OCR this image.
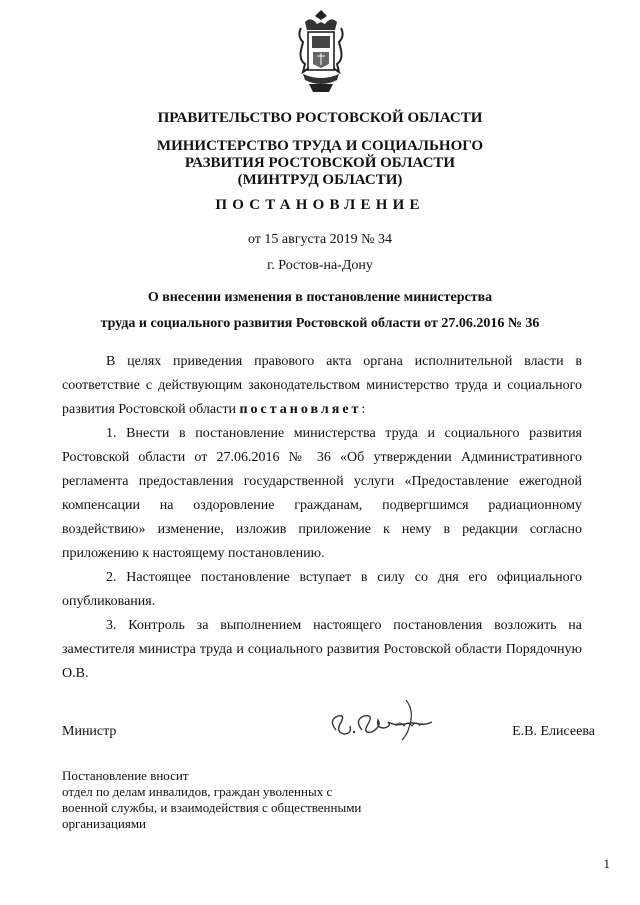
ПРАВИТЕЛЬСТВО РОСТОВСКОЙ ОБЛАСТИ
МИНИСТЕРСТВО ТРУДА И СОЦИАЛЬНОГО
РАЗВИТИЯ РОСТОВСКОЙ ОБЛАСТИ
(МИНТРУД ОБЛАСТИ)
ПОСТАНОВЛЕНИЕ
от 15 августа 2019 № 34
г. Ростов-на-Дону
О внесении изменения в постановление министерства
труда и социального развития Ростовской области от 27.06.2016 № 36

В целях приведения правового акта органа исполнительной власти в соответствие с действующим законодательством министерство труда и социального развития Ростовской области постановляет:

1. Внести в постановление министерства труда и социального развития Ростовской области от 27.06.2016 № 36 «Об утверждении Административного регламента предоставления государственной услуги «Предоставление ежегодной компенсации на оздоровление гражданам, подвергшимся радиационному воздействию» изменение, изложив приложение к нему в редакции согласно приложению к настоящему постановлению.

2. Настоящее постановление вступает в силу со дня его официального опубликования.

3. Контроль за выполнением настоящего постановления возложить на заместителя министра труда и социального развития Ростовской области Порядочную О.В.

Министр	Е.В. Елисеева
Постановление вносит
отдел по делам инвалидов, граждан уволенных с
военной службы, и взаимодействия с общественными
организациями
1
